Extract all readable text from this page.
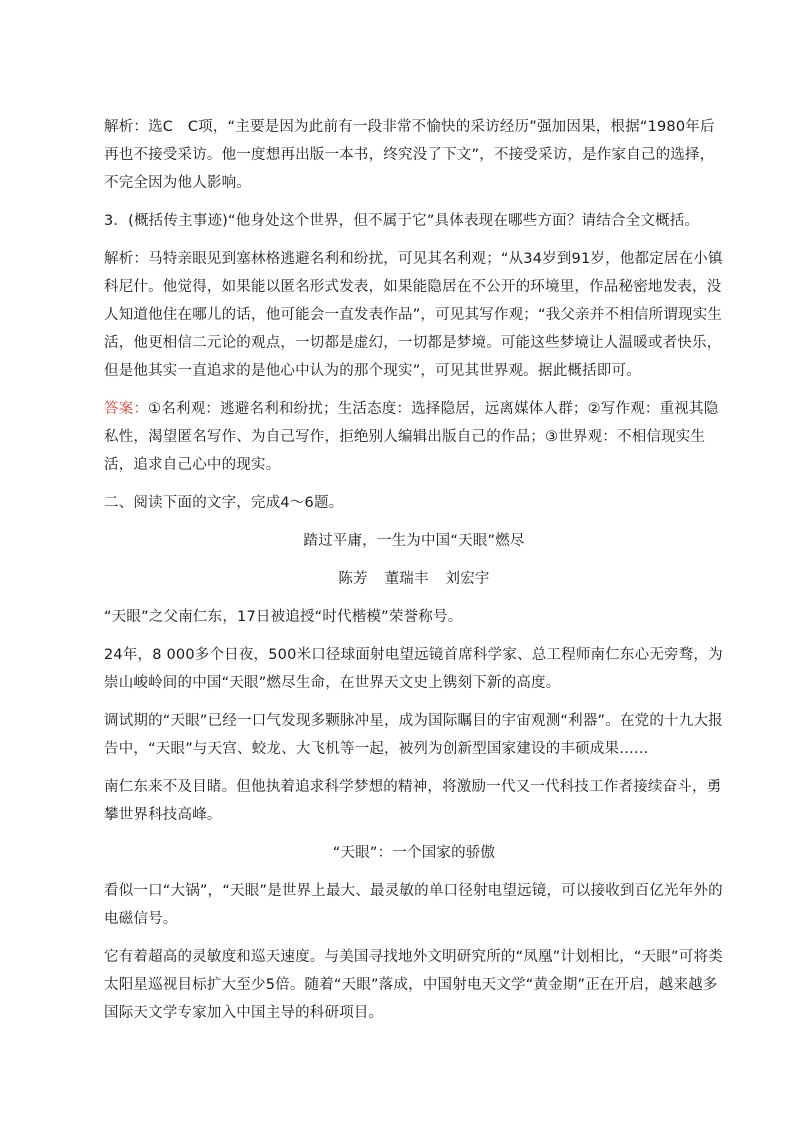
解析：选C　C项，“主要是因为此前有一段非常不愉快的采访经历”强加因果，根据“1980年后再也不接受采访。他一度想再出版一本书，终究没了下文”，不接受采访，是作家自己的选择，不完全因为他人影响。

3．(概括传主事迹)“他身处这个世界，但不属于它”具体表现在哪些方面？请结合全文概括。

解析：马特亲眼见到塞林格逃避名利和纷扰，可见其名利观；“从34岁到91岁，他都定居在小镇科尼什。他觉得，如果能以匿名形式发表，如果能隐居在不公开的环境里，作品秘密地发表，没人知道他住在哪儿的话，他可能会一直发表作品”，可见其写作观；“我父亲并不相信所谓现实生活，他更相信二元论的观点，一切都是虚幻，一切都是梦境。可能这些梦境让人温暖或者快乐，但是他其实一直追求的是他心中认为的那个现实”，可见其世界观。据此概括即可。

答案：①名利观：逃避名利和纷扰；生活态度：选择隐居，远离媒体人群；②写作观：重视其隐私性，渴望匿名写作、为自己写作，拒绝别人编辑出版自己的作品；③世界观：不相信现实生活，追求自己心中的现实。

二、阅读下面的文字，完成4～6题。

踏过平庸，一生为中国“天眼”燃尽

陈芳 董瑞丰 刘宏宇

“天眼”之父南仁东，17日被追授“时代楷模”荣誉称号。

24年，8 000多个日夜，500米口径球面射电望远镜首席科学家、总工程师南仁东心无旁骛，为崇山峻岭间的中国“天眼”燃尽生命，在世界天文史上镌刻下新的高度。

调试期的“天眼”已经一口气发现多颗脉冲星，成为国际瞩目的宇宙观测“利器”。在党的十九大报告中，“天眼”与天宫、蛟龙、大飞机等一起，被列为创新型国家建设的丰硕成果……

南仁东来不及目睹。但他执着追求科学梦想的精神，将激励一代又一代科技工作者接续奋斗，勇攀世界科技高峰。

“天眼”：一个国家的骄傲

看似一口“大锅”，“天眼”是世界上最大、最灵敏的单口径射电望远镜，可以接收到百亿光年外的电磁信号。

它有着超高的灵敏度和巡天速度。与美国寻找地外文明研究所的“凤凰”计划相比，“天眼”可将类太阳星巡视目标扩大至少5倍。随着“天眼”落成，中国射电天文学“黄金期”正在开启，越来越多国际天文学专家加入中国主导的科研项目。
